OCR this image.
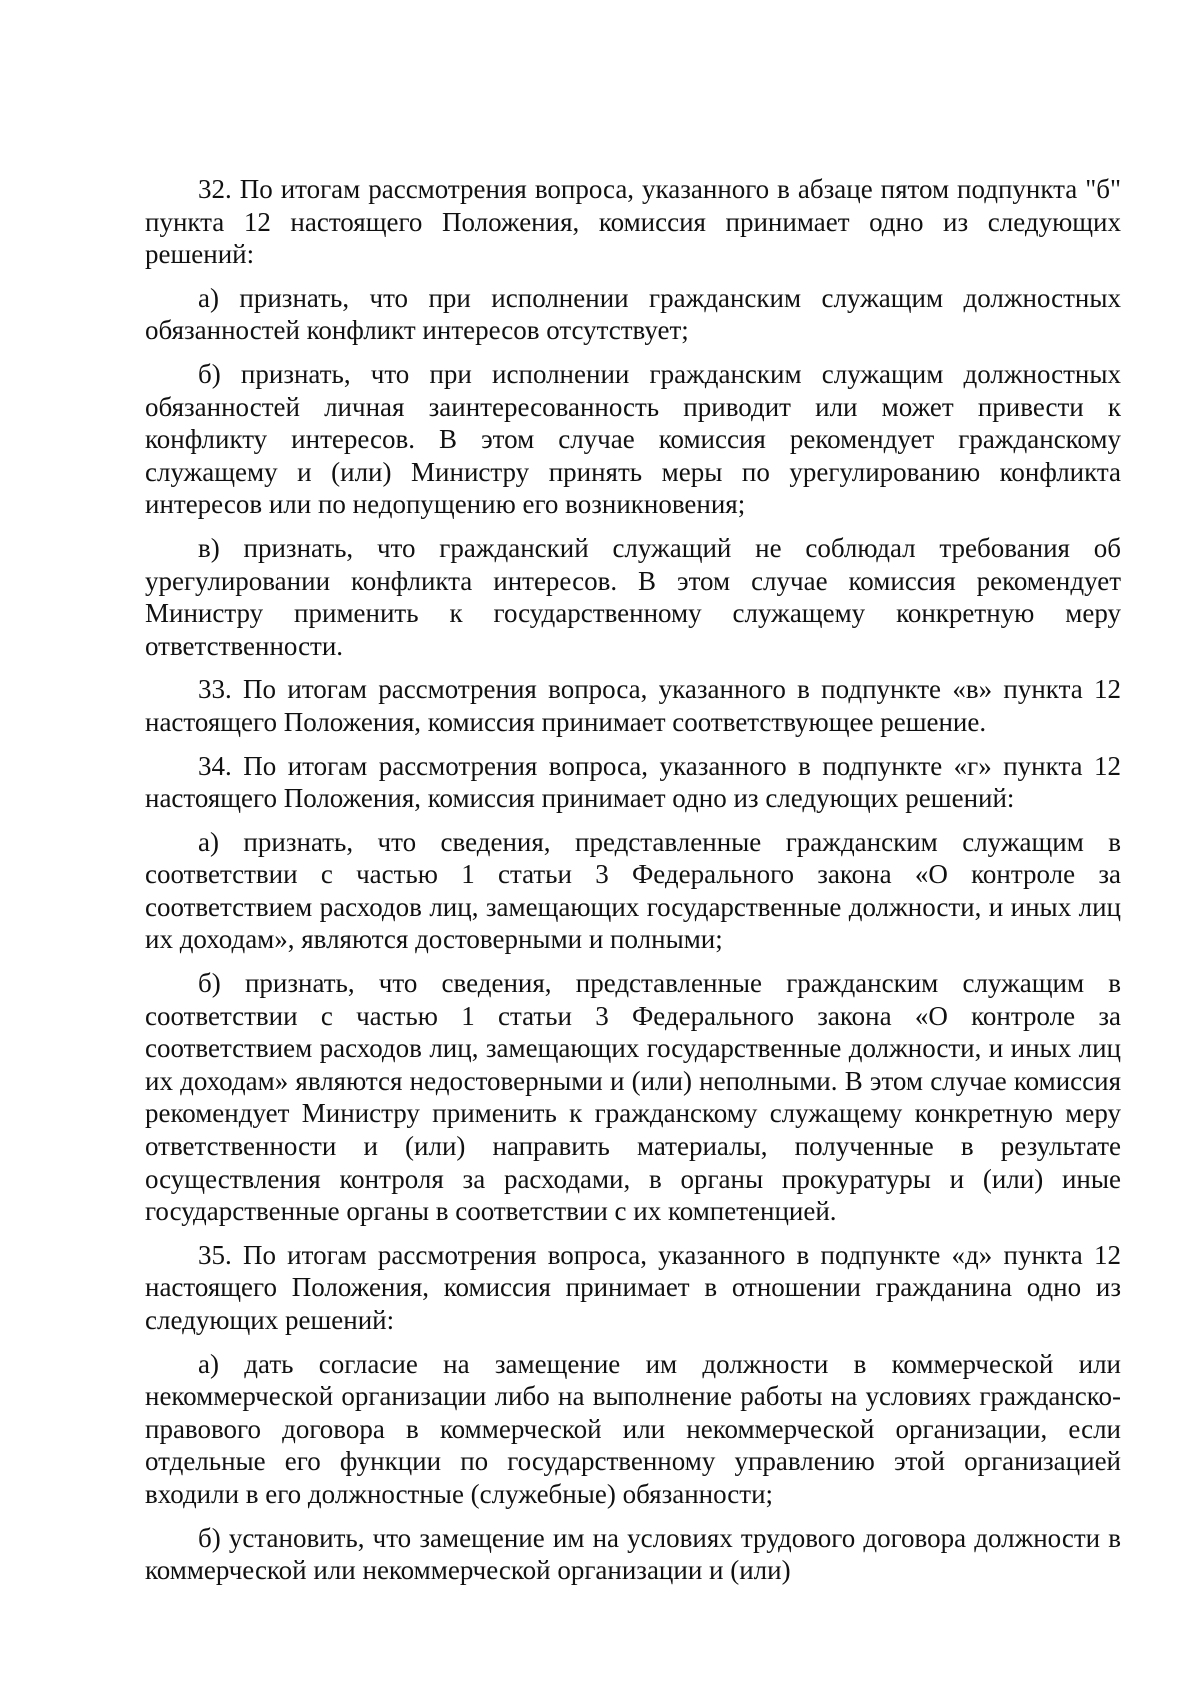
32. По итогам рассмотрения вопроса, указанного в абзаце пятом подпункта "б" пункта 12 настоящего Положения, комиссия принимает одно из следующих решений:

а) признать, что при исполнении гражданским служащим должностных обязанностей конфликт интересов отсутствует;

б) признать, что при исполнении гражданским служащим должностных обязанностей личная заинтересованность приводит или может привести к конфликту интересов. В этом случае комиссия рекомендует гражданскому служащему и (или) Министру принять меры по урегулированию конфликта интересов или по недопущению его возникновения;

в) признать, что гражданский служащий не соблюдал требования об урегулировании конфликта интересов. В этом случае комиссия рекомендует Министру применить к государственному служащему конкретную меру ответственности.

33. По итогам рассмотрения вопроса, указанного в подпункте «в» пункта 12 настоящего Положения, комиссия принимает соответствующее решение.

34. По итогам рассмотрения вопроса, указанного в подпункте «г» пункта 12 настоящего Положения, комиссия принимает одно из следующих решений:

а) признать, что сведения, представленные гражданским служащим в соответствии с частью 1 статьи 3 Федерального закона «О контроле за соответствием расходов лиц, замещающих государственные должности, и иных лиц их доходам», являются достоверными и полными;

б) признать, что сведения, представленные гражданским служащим в соответствии с частью 1 статьи 3 Федерального закона «О контроле за соответствием расходов лиц, замещающих государственные должности, и иных лиц их доходам» являются недостоверными и (или) неполными. В этом случае комиссия рекомендует Министру применить к гражданскому служащему конкретную меру ответственности и (или) направить материалы, полученные в результате осуществления контроля за расходами, в органы прокуратуры и (или) иные государственные органы в соответствии с их компетенцией.

35. По итогам рассмотрения вопроса, указанного в подпункте «д» пункта 12 настоящего Положения, комиссия принимает в отношении гражданина одно из следующих решений:

а) дать согласие на замещение им должности в коммерческой или некоммерческой организации либо на выполнение работы на условиях гражданско-правового договора в коммерческой или некоммерческой организации, если отдельные его функции по государственному управлению этой организацией входили в его должностные (служебные) обязанности;

б) установить, что замещение им на условиях трудового договора должности в коммерческой или некоммерческой организации и (или)
